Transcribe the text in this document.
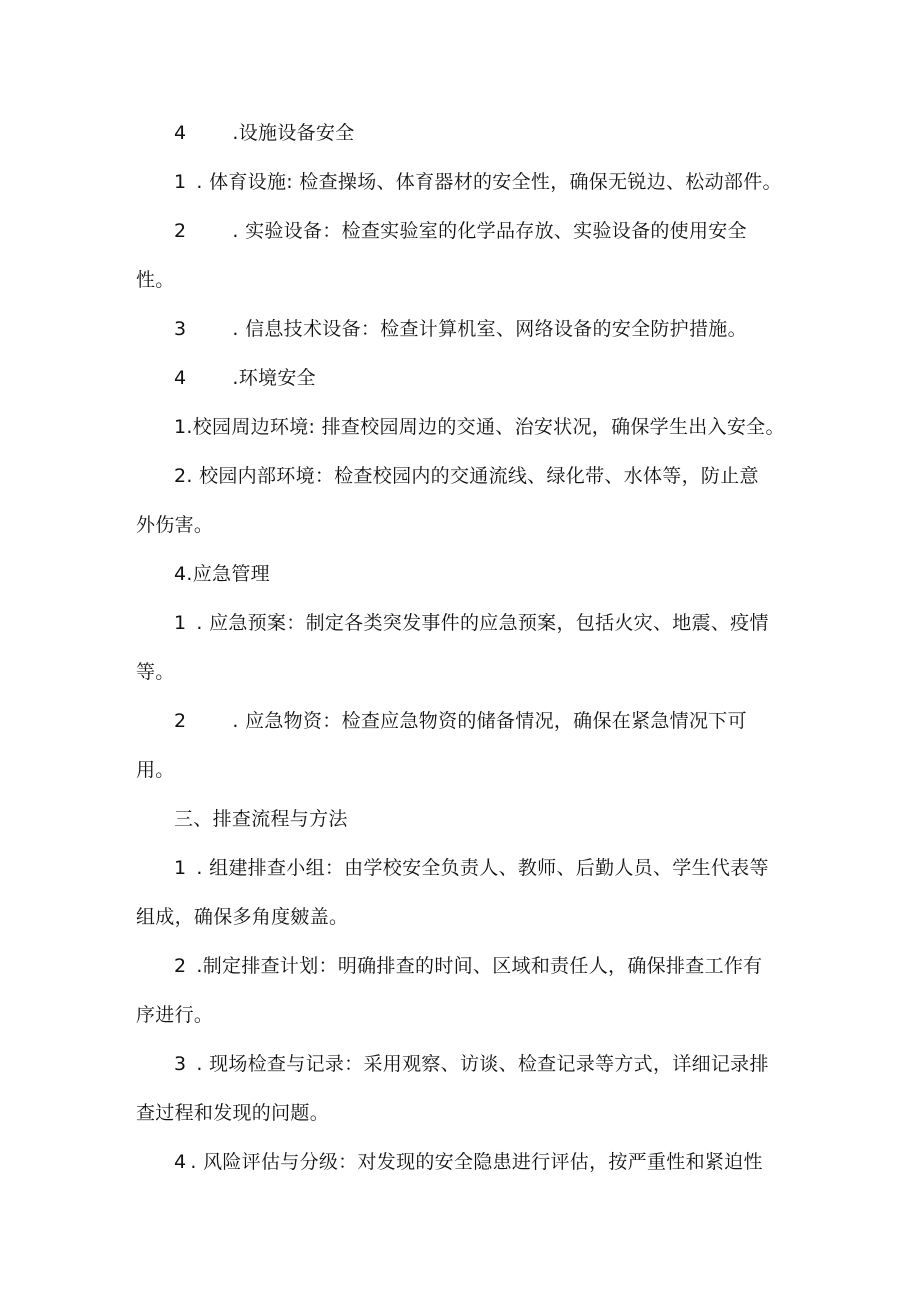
4 .设施设备安全
1 . 体育设施: 检查操场、体育器材的安全性，确保无锐边、松动部件。
2 . 实验设备：检查实验室的化学品存放、实验设备的使用安全
性。
3 . 信息技术设备：检查计算机室、网络设备的安全防护措施。
4 .环境安全
1.校园周边环境: 排查校园周边的交通、治安状况，确保学生出入安全。
2. 校园内部环境：检查校园内的交通流线、绿化带、水体等，防止意
外伤害。
4.应急管理
1 . 应急预案：制定各类突发事件的应急预案，包括火灾、地震、疫情
等。
2 . 应急物资：检查应急物资的储备情况，确保在紧急情况下可
用。
三、排查流程与方法
1 . 组建排查小组：由学校安全负责人、教师、后勤人员、学生代表等
组成，确保多角度皴盖。
2 .制定排查计划：明确排查的时间、区域和责任人，确保排查工作有
序进行。
3 . 现场检查与记录：采用观察、访谈、检查记录等方式，详细记录排
查过程和发现的问题。
4 . 风险评估与分级：对发现的安全隐患进行评估，按严重性和紧迫性
